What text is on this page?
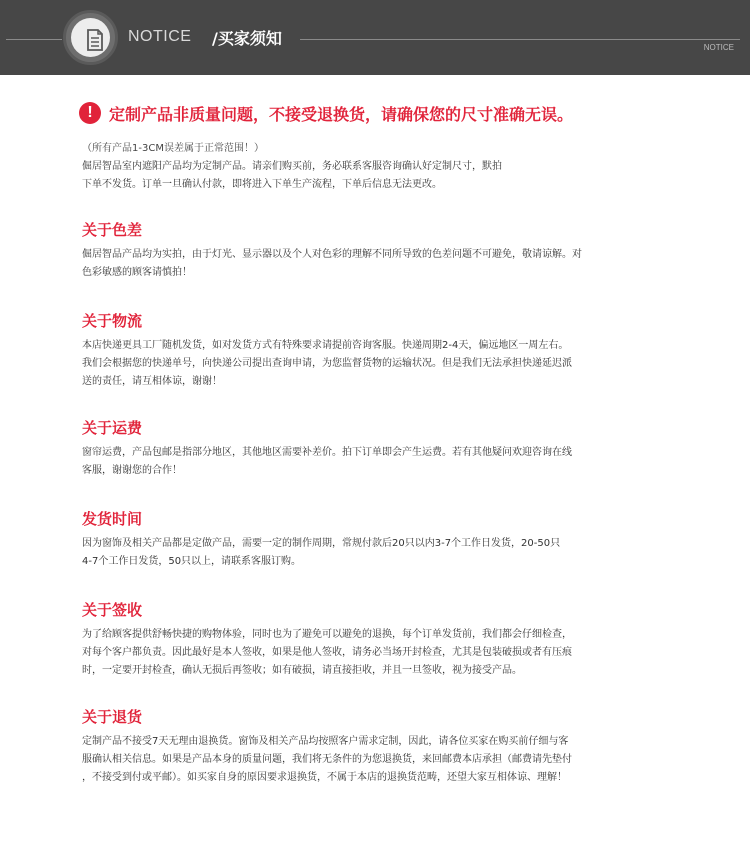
NOTICE /买家须知	NOTICE
!	定制产品非质量问题，不接受退换货，请确保您的尺寸准确无误。
（所有产品1-3CM误差属于正常范围！）
倔居智品室内遮阳产品均为定制产品。请亲们购买前，务必联系客服咨询确认好定制尺寸，默拍
下单不发货。订单一旦确认付款，即将进入下单生产流程，下单后信息无法更改。
关于色差
倔居智品产品均为实拍，由于灯光、显示器以及个人对色彩的理解不同所导致的色差问题不可避免，敬请谅解。对
色彩敏感的顾客请慎拍！
关于物流
本店快递更具工厂随机发货，如对发货方式有特殊要求请提前咨询客服。快递周期2-4天，偏远地区一周左右。
我们会根据您的快递单号，向快递公司提出查询申请，为您监督货物的运输状况。但是我们无法承担快递延迟派
送的责任，请互相体谅，谢谢！
关于运费
窗帘运费，产品包邮是指部分地区，其他地区需要补差价。拍下订单即会产生运费。若有其他疑问欢迎咨询在线
客服，谢谢您的合作！
发货时间
因为窗饰及相关产品都是定做产品，需要一定的制作周期，常规付款后20只以内3-7个工作日发货，20-50只
4-7个工作日发货，50只以上，请联系客服订购。
关于签收
为了给顾客提供舒畅快捷的购物体验，同时也为了避免可以避免的退换，每个订单发货前，我们都会仔细检查，
对每个客户都负责。因此最好是本人签收，如果是他人签收，请务必当场开封检查，尤其是包装破损或者有压痕
时，一定要开封检查，确认无损后再签收；如有破损，请直接拒收，并且一旦签收，视为接受产品。
关于退货
定制产品不接受7天无理由退换货。窗饰及相关产品均按照客户需求定制，因此，请各位买家在购买前仔细与客
服确认相关信息。如果是产品本身的质量问题，我们将无条件的为您退换货，来回邮费本店承担（邮费请先垫付
，不接受到付或平邮）。如买家自身的原因要求退换货，不属于本店的退换货范畴，还望大家互相体谅、理解！
